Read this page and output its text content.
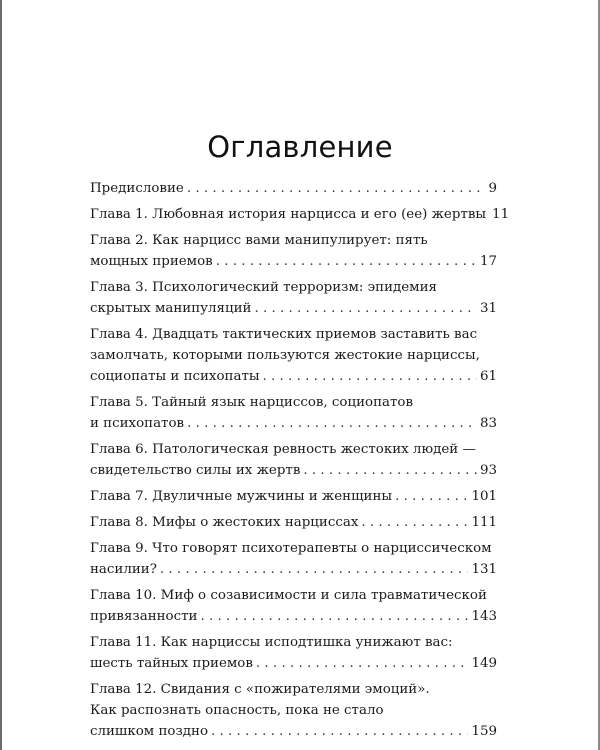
Оглавление
Предисловие . . .	9
Глава 1. Любовная история нарцисса и его (ее) жертвы 11
Глава 2. Как нарцисс вами манипулирует: пять
мощных приемов . . .	17
Глава 3. Психологический терроризм: эпидемия
скрытых манипуляций . . .	31
Глава 4. Двадцать тактических приемов заставить вас
замолчать, которыми пользуются жестокие нарциссы,
социопаты и психопаты . . .	61
Глава 5. Тайный язык нарциссов, социопатов
и психопатов . . .	83
Глава 6. Патологическая ревность жестоких людей —
свидетельство силы их жертв . . .	93
Глава 7. Двуличные мужчины и женщины . . .	101
Глава 8. Мифы о жестоких нарциссах . . .	111
Глава 9. Что говорят психотерапевты о нарциссическом
насилии? . . .	131
Глава 10. Миф о созависимости и сила травматической
привязанности . . .	143
Глава 11. Как нарциссы исподтишка унижают вас:
шесть тайных приемов . . .	149
Глава 12. Свидания с «пожирателями эмоций».
Как распознать опасность, пока не стало
слишком поздно . . .	159
